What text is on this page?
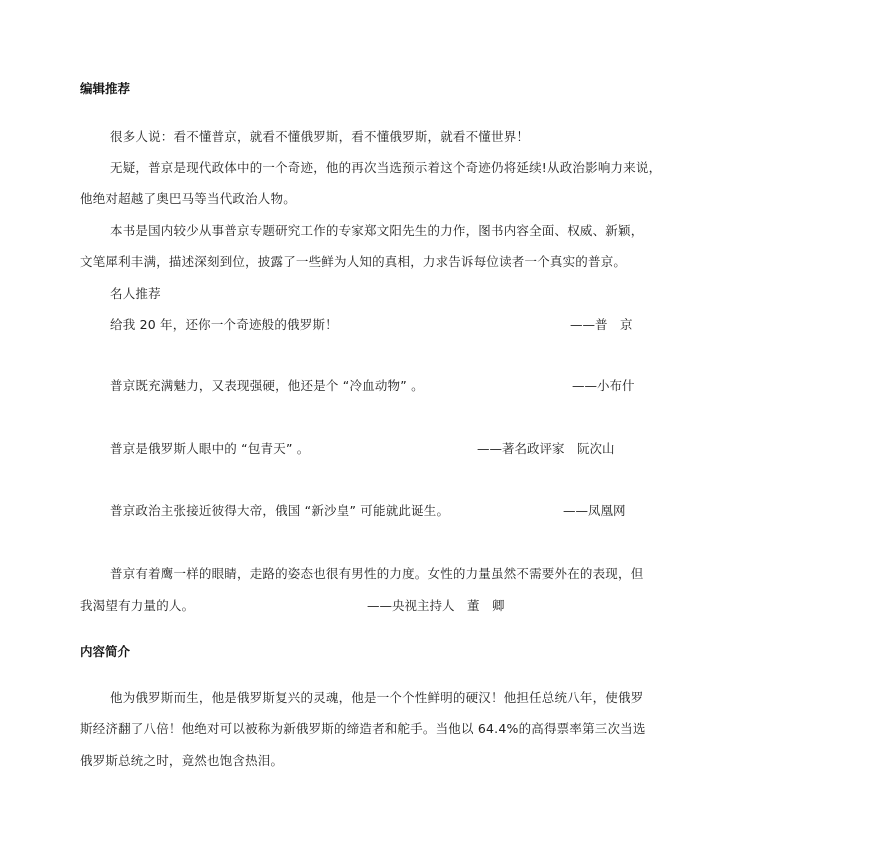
编辑推荐
很多人说：看不懂普京，就看不懂俄罗斯，看不懂俄罗斯，就看不懂世界！
无疑，普京是现代政体中的一个奇迹，他的再次当选预示着这个奇迹仍将延续!从政治影响力来说，
他绝对超越了奥巴马等当代政治人物。
本书是国内较少从事普京专题研究工作的专家郑文阳先生的力作，图书内容全面、权威、新颖，
文笔犀利丰满，描述深刻到位，披露了一些鲜为人知的真相，力求告诉每位读者一个真实的普京。
名人推荐
给我 20 年，还你一个奇迹般的俄罗斯！	——普　京
普京既充满魅力，又表现强硬，他还是个 “冷血动物” 。	——小布什
普京是俄罗斯人眼中的 “包青天” 。	——著名政评家　阮次山
普京政治主张接近彼得大帝，俄国 “新沙皇” 可能就此诞生。	——凤凰网
普京有着鹰一样的眼睛，走路的姿态也很有男性的力度。女性的力量虽然不需要外在的表现，但
我渴望有力量的人。	——央视主持人　董　卿
内容简介
他为俄罗斯而生，他是俄罗斯复兴的灵魂，他是一个个性鲜明的硬汉！他担任总统八年，使俄罗
斯经济翻了八倍！他绝对可以被称为新俄罗斯的缔造者和舵手。当他以 64.4%的高得票率第三次当选
俄罗斯总统之时，竟然也饱含热泪。
